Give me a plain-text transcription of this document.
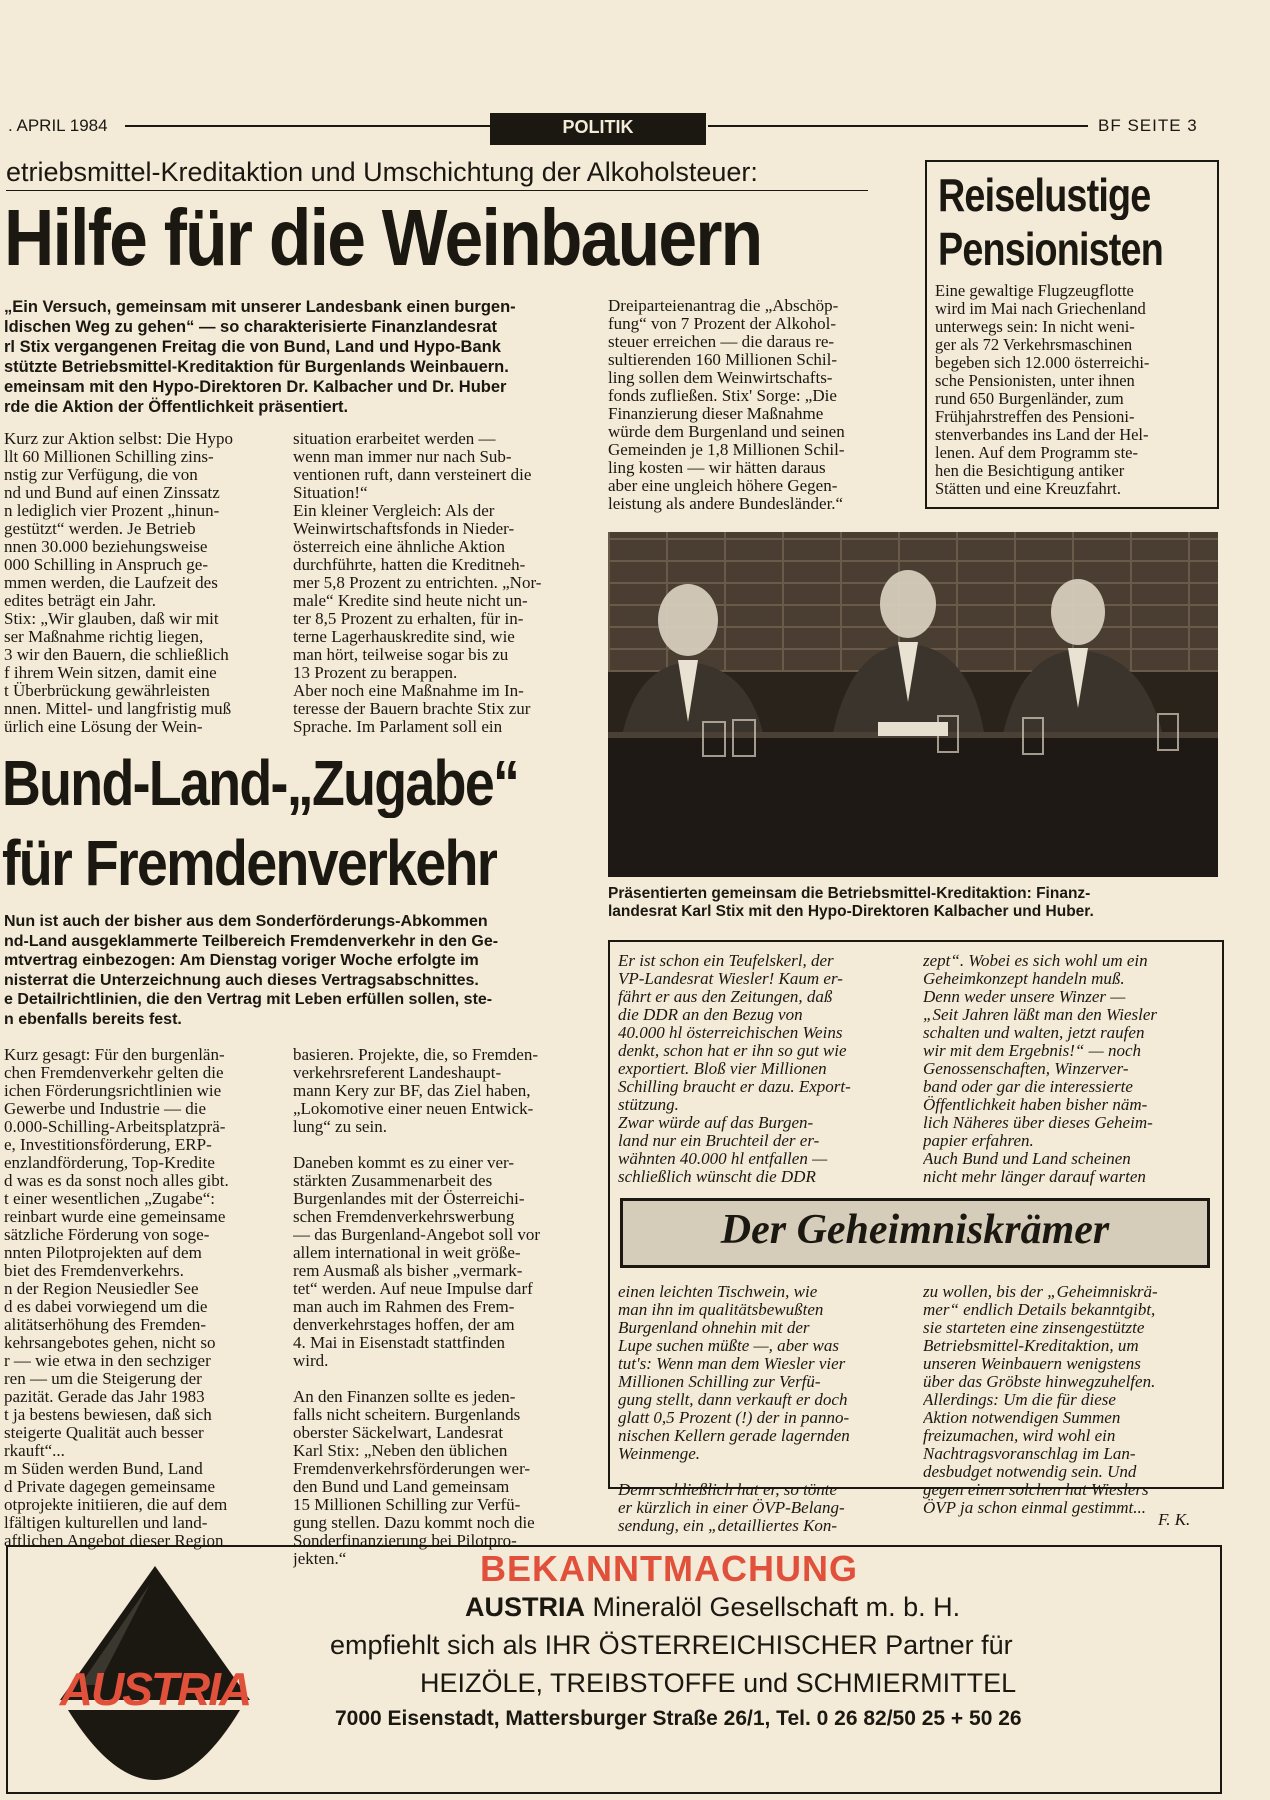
. APRIL 1984	POLITIK	BF SEITE 3
etriebsmittel-Kreditaktion und Umschichtung der Alkoholsteuer:
Hilfe für die Weinbauern
„Ein Versuch, gemeinsam mit unserer Landesbank einen burgen-
ldischen Weg zu gehen“ — so charakterisierte Finanzlandesrat
rl Stix vergangenen Freitag die von Bund, Land und Hypo-Bank
stützte Betriebsmittel-Kreditaktion für Burgenlands Weinbauern.
emeinsam mit den Hypo-Direktoren Dr. Kalbacher und Dr. Huber
rde die Aktion der Öffentlichkeit präsentiert.
Kurz zur Aktion selbst: Die Hypo
llt 60 Millionen Schilling zins-
nstig zur Verfügung, die von
nd und Bund auf einen Zinssatz
n lediglich vier Prozent „hinun-
gestützt“ werden. Je Betrieb
nnen 30.000 beziehungsweise
000 Schilling in Anspruch ge-
mmen werden, die Laufzeit des
edites beträgt ein Jahr.
Stix: „Wir glauben, daß wir mit
ser Maßnahme richtig liegen,
3 wir den Bauern, die schließlich
f ihrem Wein sitzen, damit eine
t Überbrückung gewährleisten
nnen. Mittel- und langfristig muß
ürlich eine Lösung der Wein-
situation erarbeitet werden —
wenn man immer nur nach Sub-
ventionen ruft, dann versteinert die
Situation!“
Ein kleiner Vergleich: Als der
Weinwirtschaftsfonds in Nieder-
österreich eine ähnliche Aktion
durchführte, hatten die Kreditneh-
mer 5,8 Prozent zu entrichten. „Nor-
male“ Kredite sind heute nicht un-
ter 8,5 Prozent zu erhalten, für in-
terne Lagerhauskredite sind, wie
man hört, teilweise sogar bis zu
13 Prozent zu berappen.
Aber noch eine Maßnahme im In-
teresse der Bauern brachte Stix zur
Sprache. Im Parlament soll ein
Dreiparteienantrag die „Abschöp-
fung“ von 7 Prozent der Alkohol-
steuer erreichen — die daraus re-
sultierenden 160 Millionen Schil-
ling sollen dem Weinwirtschafts-
fonds zufließen. Stix' Sorge: „Die
Finanzierung dieser Maßnahme
würde dem Burgenland und seinen
Gemeinden je 1,8 Millionen Schil-
ling kosten — wir hätten daraus
aber eine ungleich höhere Gegen-
leistung als andere Bundesländer.“
Reiselustige
Pensionisten
Eine gewaltige Flugzeugflotte
wird im Mai nach Griechenland
unterwegs sein: In nicht weni-
ger als 72 Verkehrsmaschinen
begeben sich 12.000 österreichi-
sche Pensionisten, unter ihnen
rund 650 Burgenländer, zum
Frühjahrstreffen des Pensioni-
stenverbandes ins Land der Hel-
lenen. Auf dem Programm ste-
hen die Besichtigung antiker
Stätten und eine Kreuzfahrt.
Präsentierten gemeinsam die Betriebsmittel-Kreditaktion: Finanz-
landesrat Karl Stix mit den Hypo-Direktoren Kalbacher und Huber.
Bund-Land-„Zugabe“
für Fremdenverkehr
Nun ist auch der bisher aus dem Sonderförderungs-Abkommen
nd-Land ausgeklammerte Teilbereich Fremdenverkehr in den Ge-
mtvertrag einbezogen: Am Dienstag voriger Woche erfolgte im
nisterrat die Unterzeichnung auch dieses Vertragsabschnittes.
e Detailrichtlinien, die den Vertrag mit Leben erfüllen sollen, ste-
n ebenfalls bereits fest.
Kurz gesagt: Für den burgenlän-
chen Fremdenverkehr gelten die
ichen Förderungsrichtlinien wie
Gewerbe und Industrie — die
0.000-Schilling-Arbeitsplatzprä-
e, Investitionsförderung, ERP-
enzlandförderung, Top-Kredite
d was es da sonst noch alles gibt.
t einer wesentlichen „Zugabe“:
reinbart wurde eine gemeinsame
sätzliche Förderung von soge-
nnten Pilotprojekten auf dem
biet des Fremdenverkehrs.
n der Region Neusiedler See
d es dabei vorwiegend um die
alitätserhöhung des Fremden-
kehrsangebotes gehen, nicht so
r — wie etwa in den sechziger
ren — um die Steigerung der
pazität. Gerade das Jahr 1983
t ja bestens bewiesen, daß sich
steigerte Qualität auch besser
rkauft“...
m Süden werden Bund, Land
d Private dagegen gemeinsame
otprojekte initiieren, die auf dem
lfältigen kulturellen und land-
aftlichen Angebot dieser Region
basieren. Projekte, die, so Fremden-
verkehrsreferent Landeshaupt-
mann Kery zur BF, das Ziel haben,
„Lokomotive einer neuen Entwick-
lung“ zu sein.

Daneben kommt es zu einer ver-
stärkten Zusammenarbeit des
Burgenlandes mit der Österreichi-
schen Fremdenverkehrswerbung
— das Burgenland-Angebot soll vor
allem international in weit größe-
rem Ausmaß als bisher „vermark-
tet“ werden. Auf neue Impulse darf
man auch im Rahmen des Frem-
denverkehrstages hoffen, der am
4. Mai in Eisenstadt stattfinden
wird.

An den Finanzen sollte es jeden-
falls nicht scheitern. Burgenlands
oberster Säckelwart, Landesrat
Karl Stix: „Neben den üblichen
Fremdenverkehrsförderungen wer-
den Bund und Land gemeinsam
15 Millionen Schilling zur Verfü-
gung stellen. Dazu kommt noch die
Sonderfinanzierung bei Pilotpro-
jekten.“
Er ist schon ein Teufelskerl, der
VP-Landesrat Wiesler! Kaum er-
fährt er aus den Zeitungen, daß
die DDR an den Bezug von
40.000 hl österreichischen Weins
denkt, schon hat er ihn so gut wie
exportiert. Bloß vier Millionen
Schilling braucht er dazu. Export-
stützung.
Zwar würde auf das Burgen-
land nur ein Bruchteil der er-
wähnten 40.000 hl entfallen —
schließlich wünscht die DDR
zept“. Wobei es sich wohl um ein
Geheimkonzept handeln muß.
Denn weder unsere Winzer —
„Seit Jahren läßt man den Wiesler
schalten und walten, jetzt raufen
wir mit dem Ergebnis!“ — noch
Genossenschaften, Winzerver-
band oder gar die interessierte
Öffentlichkeit haben bisher näm-
lich Näheres über dieses Geheim-
papier erfahren.
Auch Bund und Land scheinen
nicht mehr länger darauf warten
Der Geheimniskrämer
einen leichten Tischwein, wie
man ihn im qualitätsbewußten
Burgenland ohnehin mit der
Lupe suchen müßte —, aber was
tut's: Wenn man dem Wiesler vier
Millionen Schilling zur Verfü-
gung stellt, dann verkauft er doch
glatt 0,5 Prozent (!) der in panno-
nischen Kellern gerade lagernden
Weinmenge.

Denn schließlich hat er, so tönte
er kürzlich in einer ÖVP-Belang-
sendung, ein „detailliertes Kon-
zu wollen, bis der „Geheimniskrä-
mer“ endlich Details bekanntgibt,
sie starteten eine zinsengestützte
Betriebsmittel-Kreditaktion, um
unseren Weinbauern wenigstens
über das Gröbste hinwegzuhelfen.
Allerdings: Um die für diese
Aktion notwendigen Summen
freizumachen, wird wohl ein
Nachtragsvoranschlag im Lan-
desbudget notwendig sein. Und
gegen einen solchen hat Wieslers
ÖVP ja schon einmal gestimmt...
F. K.
AUSTRIA
BEKANNTMACHUNG
AUSTRIA Mineralöl Gesellschaft m. b. H.
empfiehlt sich als IHR ÖSTERREICHISCHER Partner für
HEIZÖLE, TREIBSTOFFE und SCHMIERMITTEL
7000 Eisenstadt, Mattersburger Straße 26/1, Tel. 0 26 82/50 25 + 50 26
